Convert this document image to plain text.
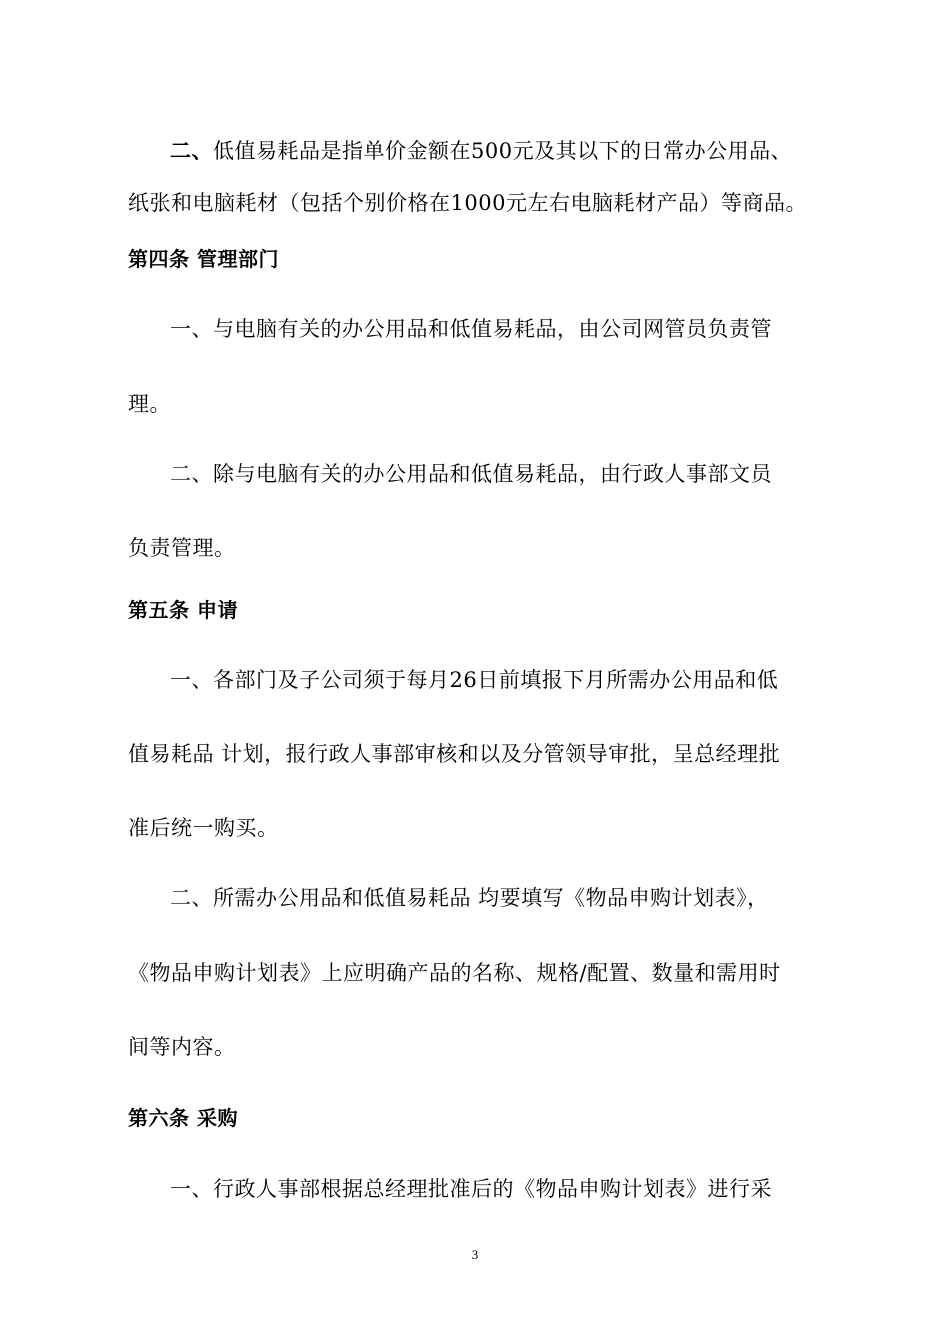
二、低值易耗品是指单价金额在500元及其以下的日常办公用品、
纸张和电脑耗材（包括个别价格在1000元左右电脑耗材产品）等商品。
第四条 管理部门
一、与电脑有关的办公用品和低值易耗品，由公司网管员负责管
理。
二、除与电脑有关的办公用品和低值易耗品，由行政人事部文员
负责管理。
第五条 申请
一、各部门及子公司须于每月26日前填报下月所需办公用品和低
值易耗品 计划，报行政人事部审核和以及分管领导审批，呈总经理批
准后统一购买。
二、所需办公用品和低值易耗品 均要填写《物品申购计划表》，
《物品申购计划表》上应明确产品的名称、规格/配置、数量和需用时
间等内容。
第六条 采购
一、行政人事部根据总经理批准后的《物品申购计划表》进行采
3
